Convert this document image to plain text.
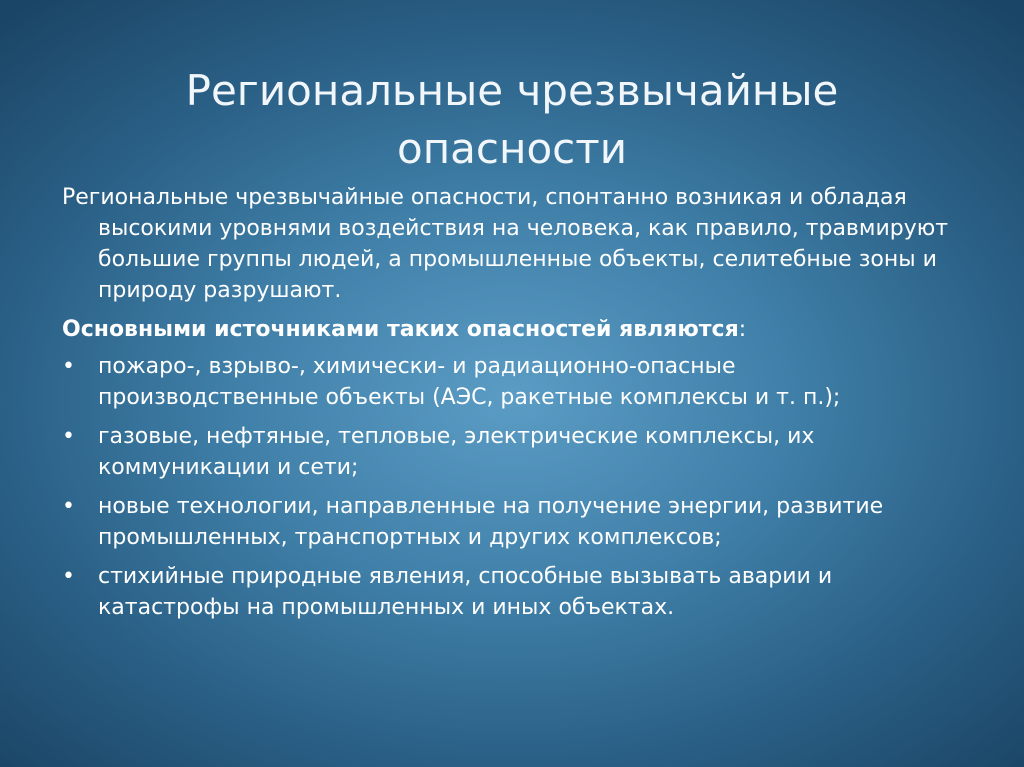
Региональные чрезвычайные
опасности

Региональные чрезвычайные опасности, спонтанно возникая и обладая высокими уровнями воздействия на человека, как правило, травмируют большие группы людей, а промышленные объекты, селитебные зоны и природу разрушают.

Основными источниками таких опасностей являются:

•	пожаро-, взрыво-, химически- и радиационно-опасные производственные объекты (АЭС, ракетные комплексы и т. п.);
•	газовые, нефтяные, тепловые, электрические комплексы, их коммуникации и сети;
•	новые технологии, направленные на получение энергии, развитие промышленных, транспортных и других комплексов;
•	стихийные природные явления, способные вызывать аварии и катастрофы на промышленных и иных объектах.
